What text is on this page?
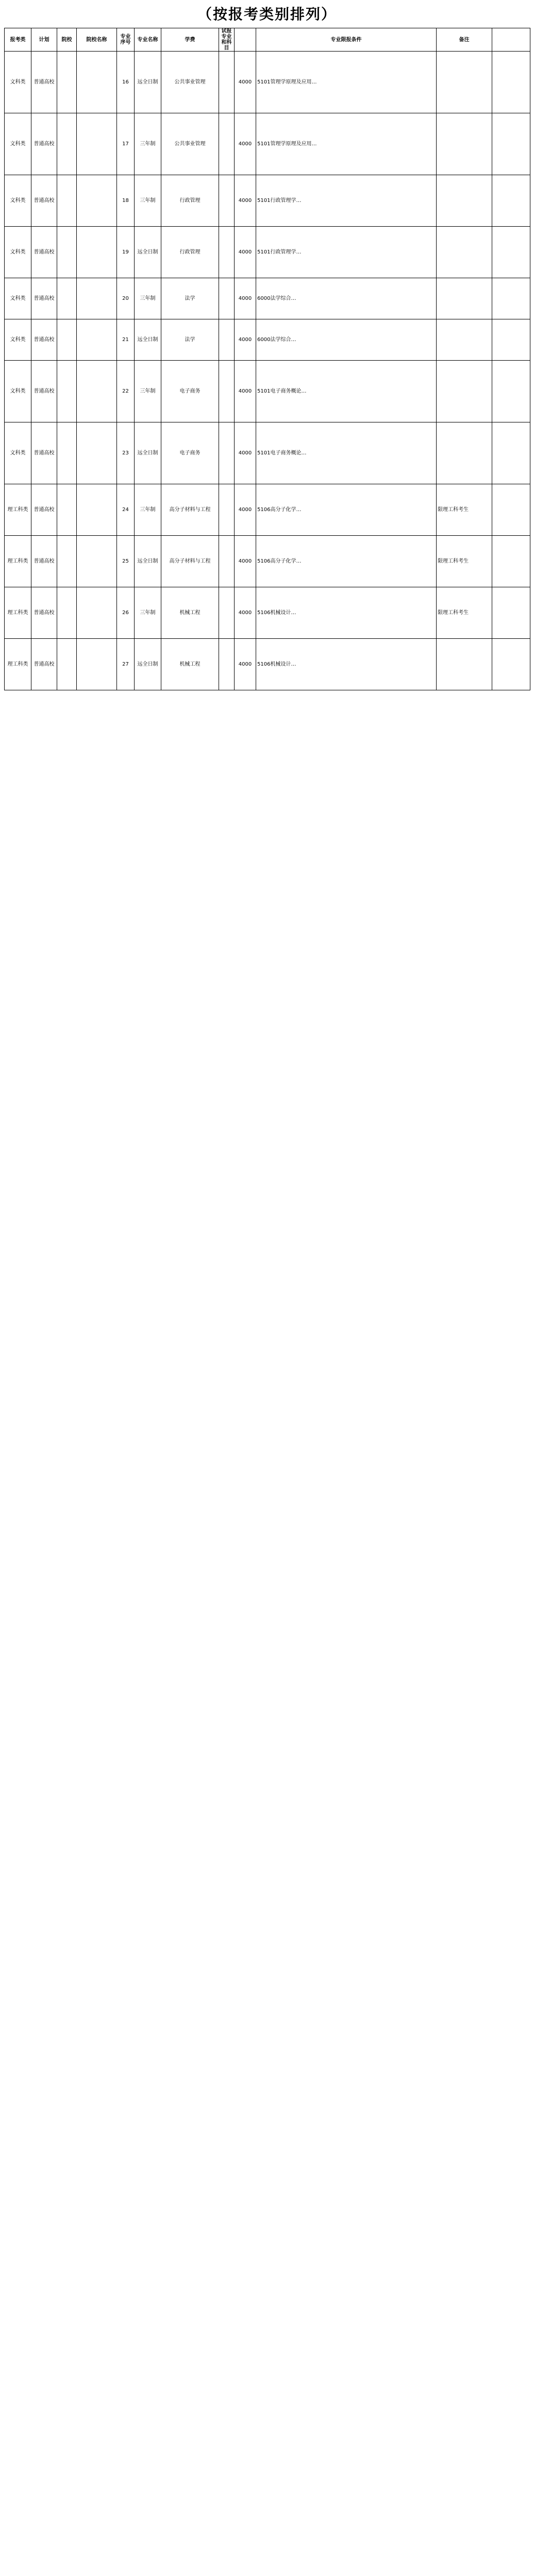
（按报考类别排列）
报考类	计划	院校	院校名称	专业序号	专业名称	学费	试报专业和科目		专业限报条件	备注	
文科类	普通高校			16	远全日制	公共事业管理		4000	5101管理学原理及应用…		
文科类	普通高校			17	三年制	公共事业管理		4000	5101管理学原理及应用…		
文科类	普通高校			18	三年制	行政管理		4000	5101行政管理学…		
文科类	普通高校			19	远全日制	行政管理		4000	5101行政管理学…		
文科类	普通高校			20	三年制	法学		4000	6000法学综合…		
文科类	普通高校			21	远全日制	法学		4000	6000法学综合…		
文科类	普通高校			22	三年制	电子商务		4000	5101电子商务概论…		
文科类	普通高校			23	远全日制	电子商务		4000	5101电子商务概论…		
理工科类	普通高校			24	三年制	高分子材料与工程		4000	5106高分子化学…	限理工科考生	
理工科类	普通高校			25	远全日制	高分子材料与工程		4000	5106高分子化学…	限理工科考生	
理工科类	普通高校			26	三年制	机械工程		4000	5106机械设计…	限理工科考生	
理工科类	普通高校			27	远全日制	机械工程		4000	5106机械设计…		
